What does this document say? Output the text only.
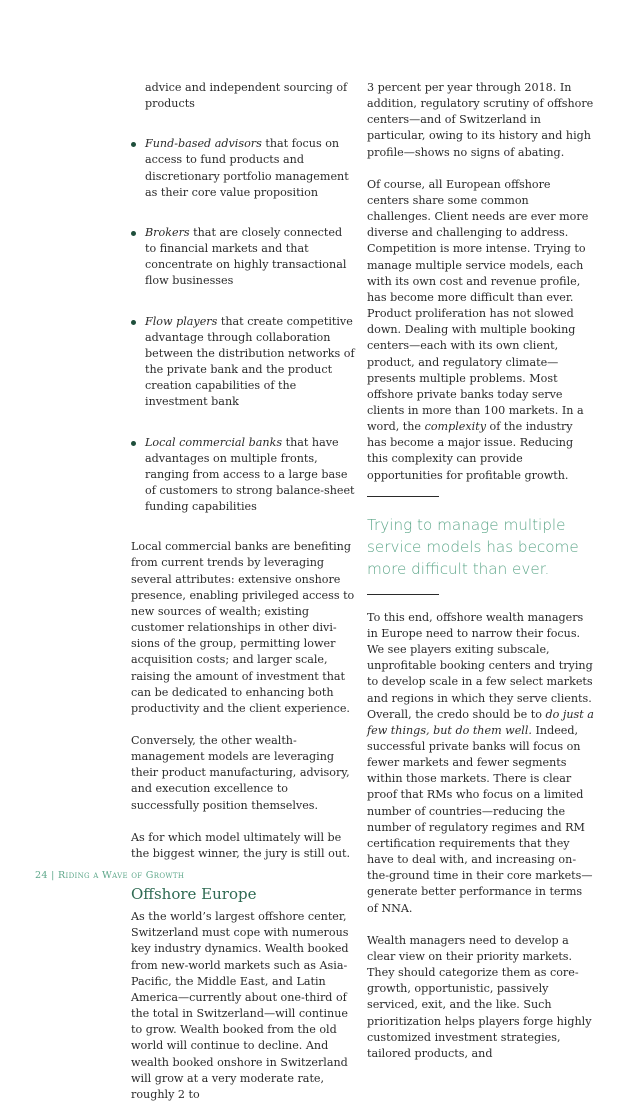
advice and independent sourcing of products

Fund-based advisors that focus on access to fund products and discretionary portfolio management as their core value proposition
Brokers that are closely connected to financial markets and that concentrate on highly transactional flow businesses
Flow players that create competitive advantage through collaboration between the distribution networks of the private bank and the product creation capabilities of the investment bank
Local commercial banks that have advantages on multiple fronts, ranging from access to a large base of customers to strong balance-sheet funding capabilities

Local commercial banks are benefiting from current trends by leveraging several attributes: extensive onshore presence, enabling privileged access to new sources of wealth; existing customer relationships in other divisions of the group, permitting lower acquisition costs; and larger scale, raising the amount of investment that can be dedicated to enhancing both productivity and the client experience.

Conversely, the other wealth-management models are leveraging their product manufacturing, advisory, and execution excellence to successfully position themselves.

As for which model ultimately will be the biggest winner, the jury is still out.

Offshore Europe

As the world’s largest offshore center, Switzerland must cope with numerous key industry dynamics. Wealth booked from new-world markets such as Asia-Pacific, the Middle East, and Latin America—currently about one-third of the total in Switzerland—will continue to grow. Wealth booked from the old world will continue to decline. And wealth booked onshore in Switzerland will grow at a very moderate rate, roughly 2 to

3 percent per year through 2018. In addition, regulatory scrutiny of offshore centers—and of Switzerland in particular, owing to its history and high profile—shows no signs of abating.

Of course, all European offshore centers share some common challenges. Client needs are ever more diverse and challenging to address. Competition is more intense. Trying to manage multiple service models, each with its own cost and revenue profile, has become more difficult than ever. Product proliferation has not slowed down. Dealing with multiple booking centers—each with its own client, product, and regulatory climate—presents multiple problems. Most offshore private banks today serve clients in more than 100 markets. In a word, the complexity of the industry has become a major issue. Reducing this complexity can provide opportunities for profitable growth.

Trying to manage multiple service models has become more difficult than ever.

To this end, offshore wealth managers in Europe need to narrow their focus. We see players exiting subscale, unprofitable booking centers and trying to develop scale in a few select markets and regions in which they serve clients. Overall, the credo should be to do just a few things, but do them well. Indeed, successful private banks will focus on fewer markets and fewer segments within those markets. There is clear proof that RMs who focus on a limited number of countries—reducing the number of regulatory regimes and RM certification requirements that they have to deal with, and increasing on-the-ground time in their core markets—generate better performance in terms of NNA.

Wealth managers need to develop a clear view on their priority markets. They should categorize them as core-growth, opportunistic, passively serviced, exit, and the like. Such prioritization helps players forge highly customized investment strategies, tailored products, and

24 | Riding a Wave of Growth
